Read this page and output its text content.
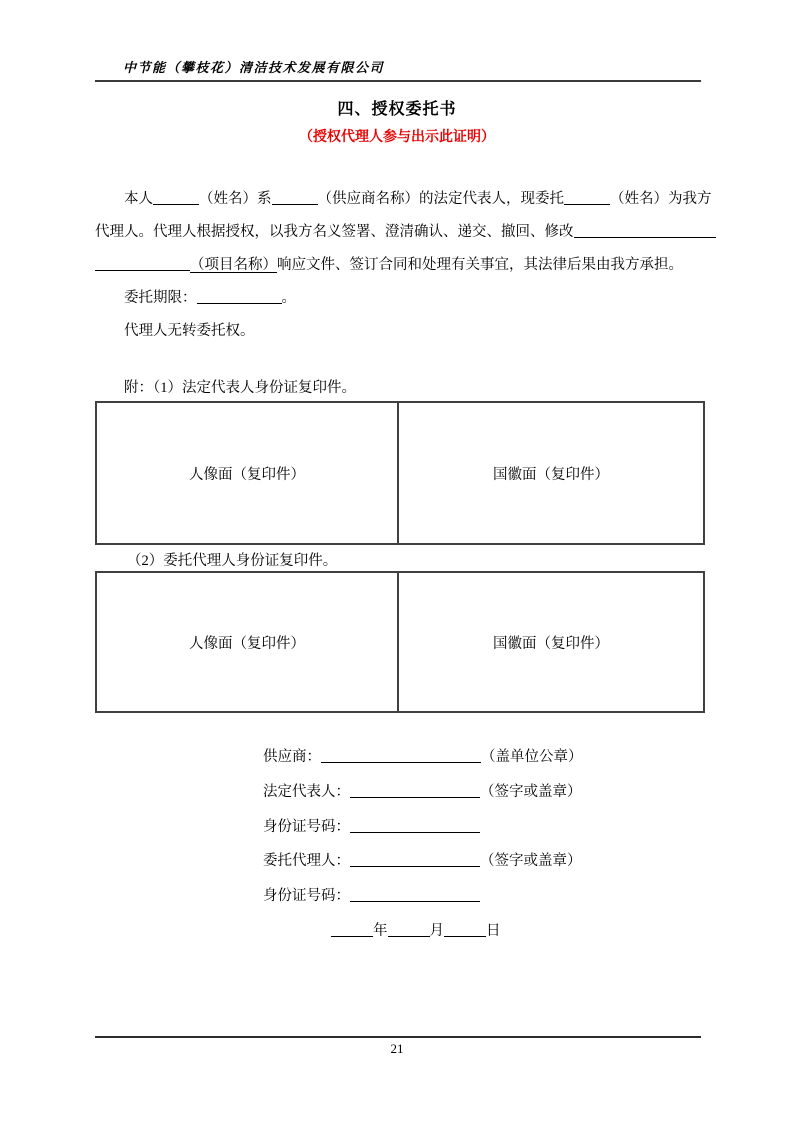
中节能（攀枝花）清洁技术发展有限公司
四、授权委托书
（授权代理人参与出示此证明）
本人	（姓名）系	（供应商名称）的法定代表人，现委托	（姓名）为我方
代理人。代理人根据授权，以我方名义签署、澄清确认、递交、撤回、修改
（项目名称）响应文件、签订合同和处理有关事宜，其法律后果由我方承担。
委托期限：	。
代理人无转委托权。
附：（1）法定代表人身份证复印件。
人像面（复印件）	国徽面（复印件）
（2）委托代理人身份证复印件。
人像面（复印件）	国徽面（复印件）
供应商：	（盖单位公章）
法定代表人：	（签字或盖章）
身份证号码：
委托代理人：	（签字或盖章）
身份证号码：
年	月	日
21
